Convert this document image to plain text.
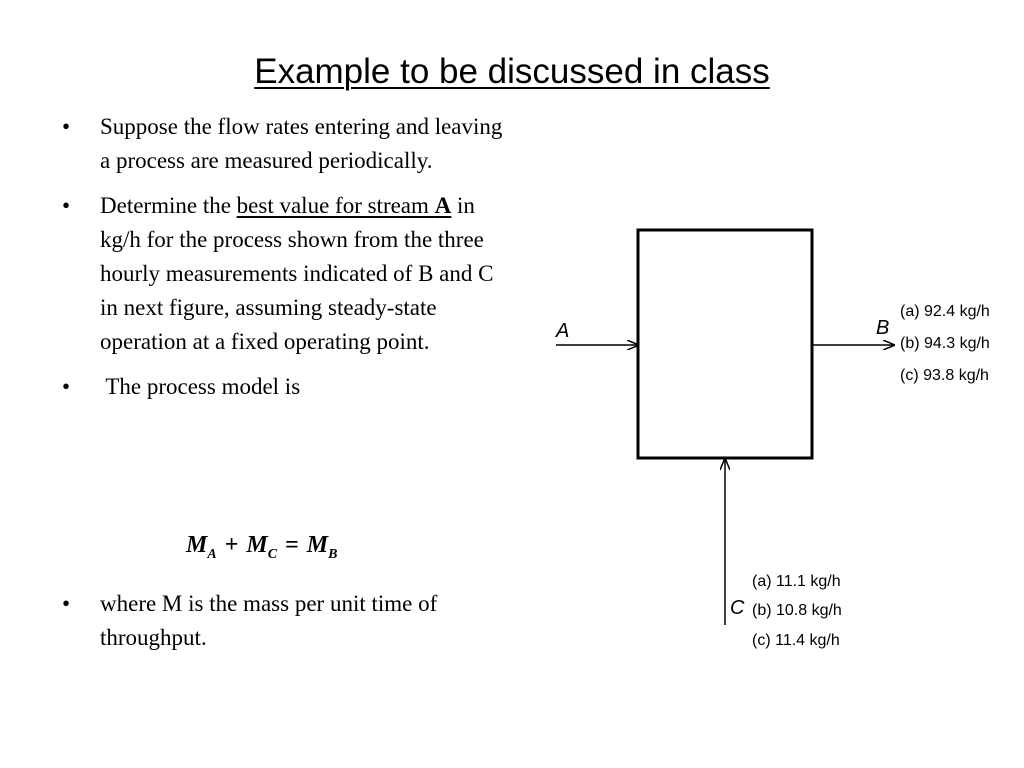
Example to be discussed in class
• Suppose the flow rates entering and leaving a process are measured periodically.
• Determine the best value for stream A in kg/h for the process shown from the three hourly measurements indicated of B and C in next figure, assuming steady-state operation at a fixed operating point.
• The process model is
$M_A + M_C = M_B$
• where M is the mass per unit time of throughput.
A	B
(a) 92.4 kg/h
(b) 94.3 kg/h
(c) 93.8 kg/h
C
(a) 11.1 kg/h
(b) 10.8 kg/h
(c) 11.4 kg/h
